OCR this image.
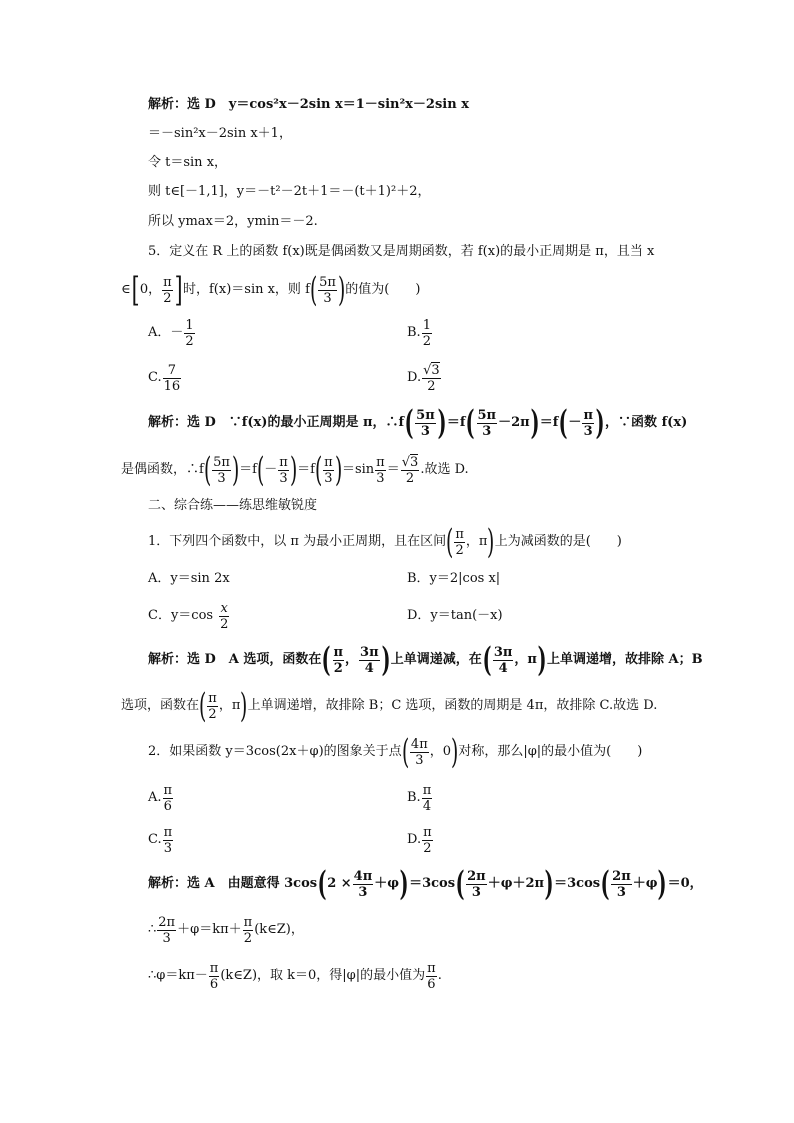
解析：选 D　y＝cos²x－2sin x＝1－sin²x－2sin x
＝－sin²x－2sin x＋1，
令 t＝sin x，
则 t∈[－1,1]，y＝－t²－2t＋1＝－(t＋1)²＋2，
所以 ymax＝2，ymin＝－2.
5．定义在 R 上的函数 f(x)既是偶函数又是周期函数，若 f(x)的最小正周期是 π，且当 x
∈ [ 0， π
2 ] 时，f(x)＝sin x，则 f ( 5π
3 ) 的值为(　　)
A．－ 1
2
B. 1
2
C. 7
16
D. √3
2
解析：选 D　∵f(x)的最小正周期是 π，∴f ( 5π
3 ) ＝f ( 5π
3
－2π ) ＝f ( － π
3 ) ，∵函数 f(x)
是偶函数，∴f ( 5π
3 ) ＝f ( － π
3 ) ＝f ( π
3 ) ＝sin π
3
＝ √3
2
.故选 D.
二、综合练——练思维敏锐度
1．下列四个函数中，以 π 为最小正周期，且在区间 ( π
2
， π ) 上为减函数的是(　　)
A．y＝sin 2x	B．y＝2|cos x|
C．y＝cos x
2
D．y＝tan(－x)
解析：选 D　A 选项，函数在 ( π
2
， 3π
4 ) 上单调递减，在 ( 3π
4
， π ) 上单调递增，故排除 A；B
选项，函数在 ( π
2
， π ) 上单调递增，故排除 B；C 选项，函数的周期是 4π，故排除 C.故选 D.
2．如果函数 y＝3cos(2x＋φ)的图象关于点 ( 4π
3
， 0 ) 对称，那么|φ|的最小值为(　　)
A. π
6
B. π
4
C. π
3
D. π
2
解析：选 A　由题意得 3cos ( $2 \times \frac{4\pi}{3} +\varphi$ ) ＝3cos ( 2π
3
＋φ＋2π ) ＝3cos ( 2π
3
＋φ ) ＝0，
∴ 2π
3
＋φ＝kπ＋ π
2
(k∈Z)，
∴φ＝kπ－ π
6
(k∈Z)，取 k＝0，得|φ|的最小值为 π
6
.
